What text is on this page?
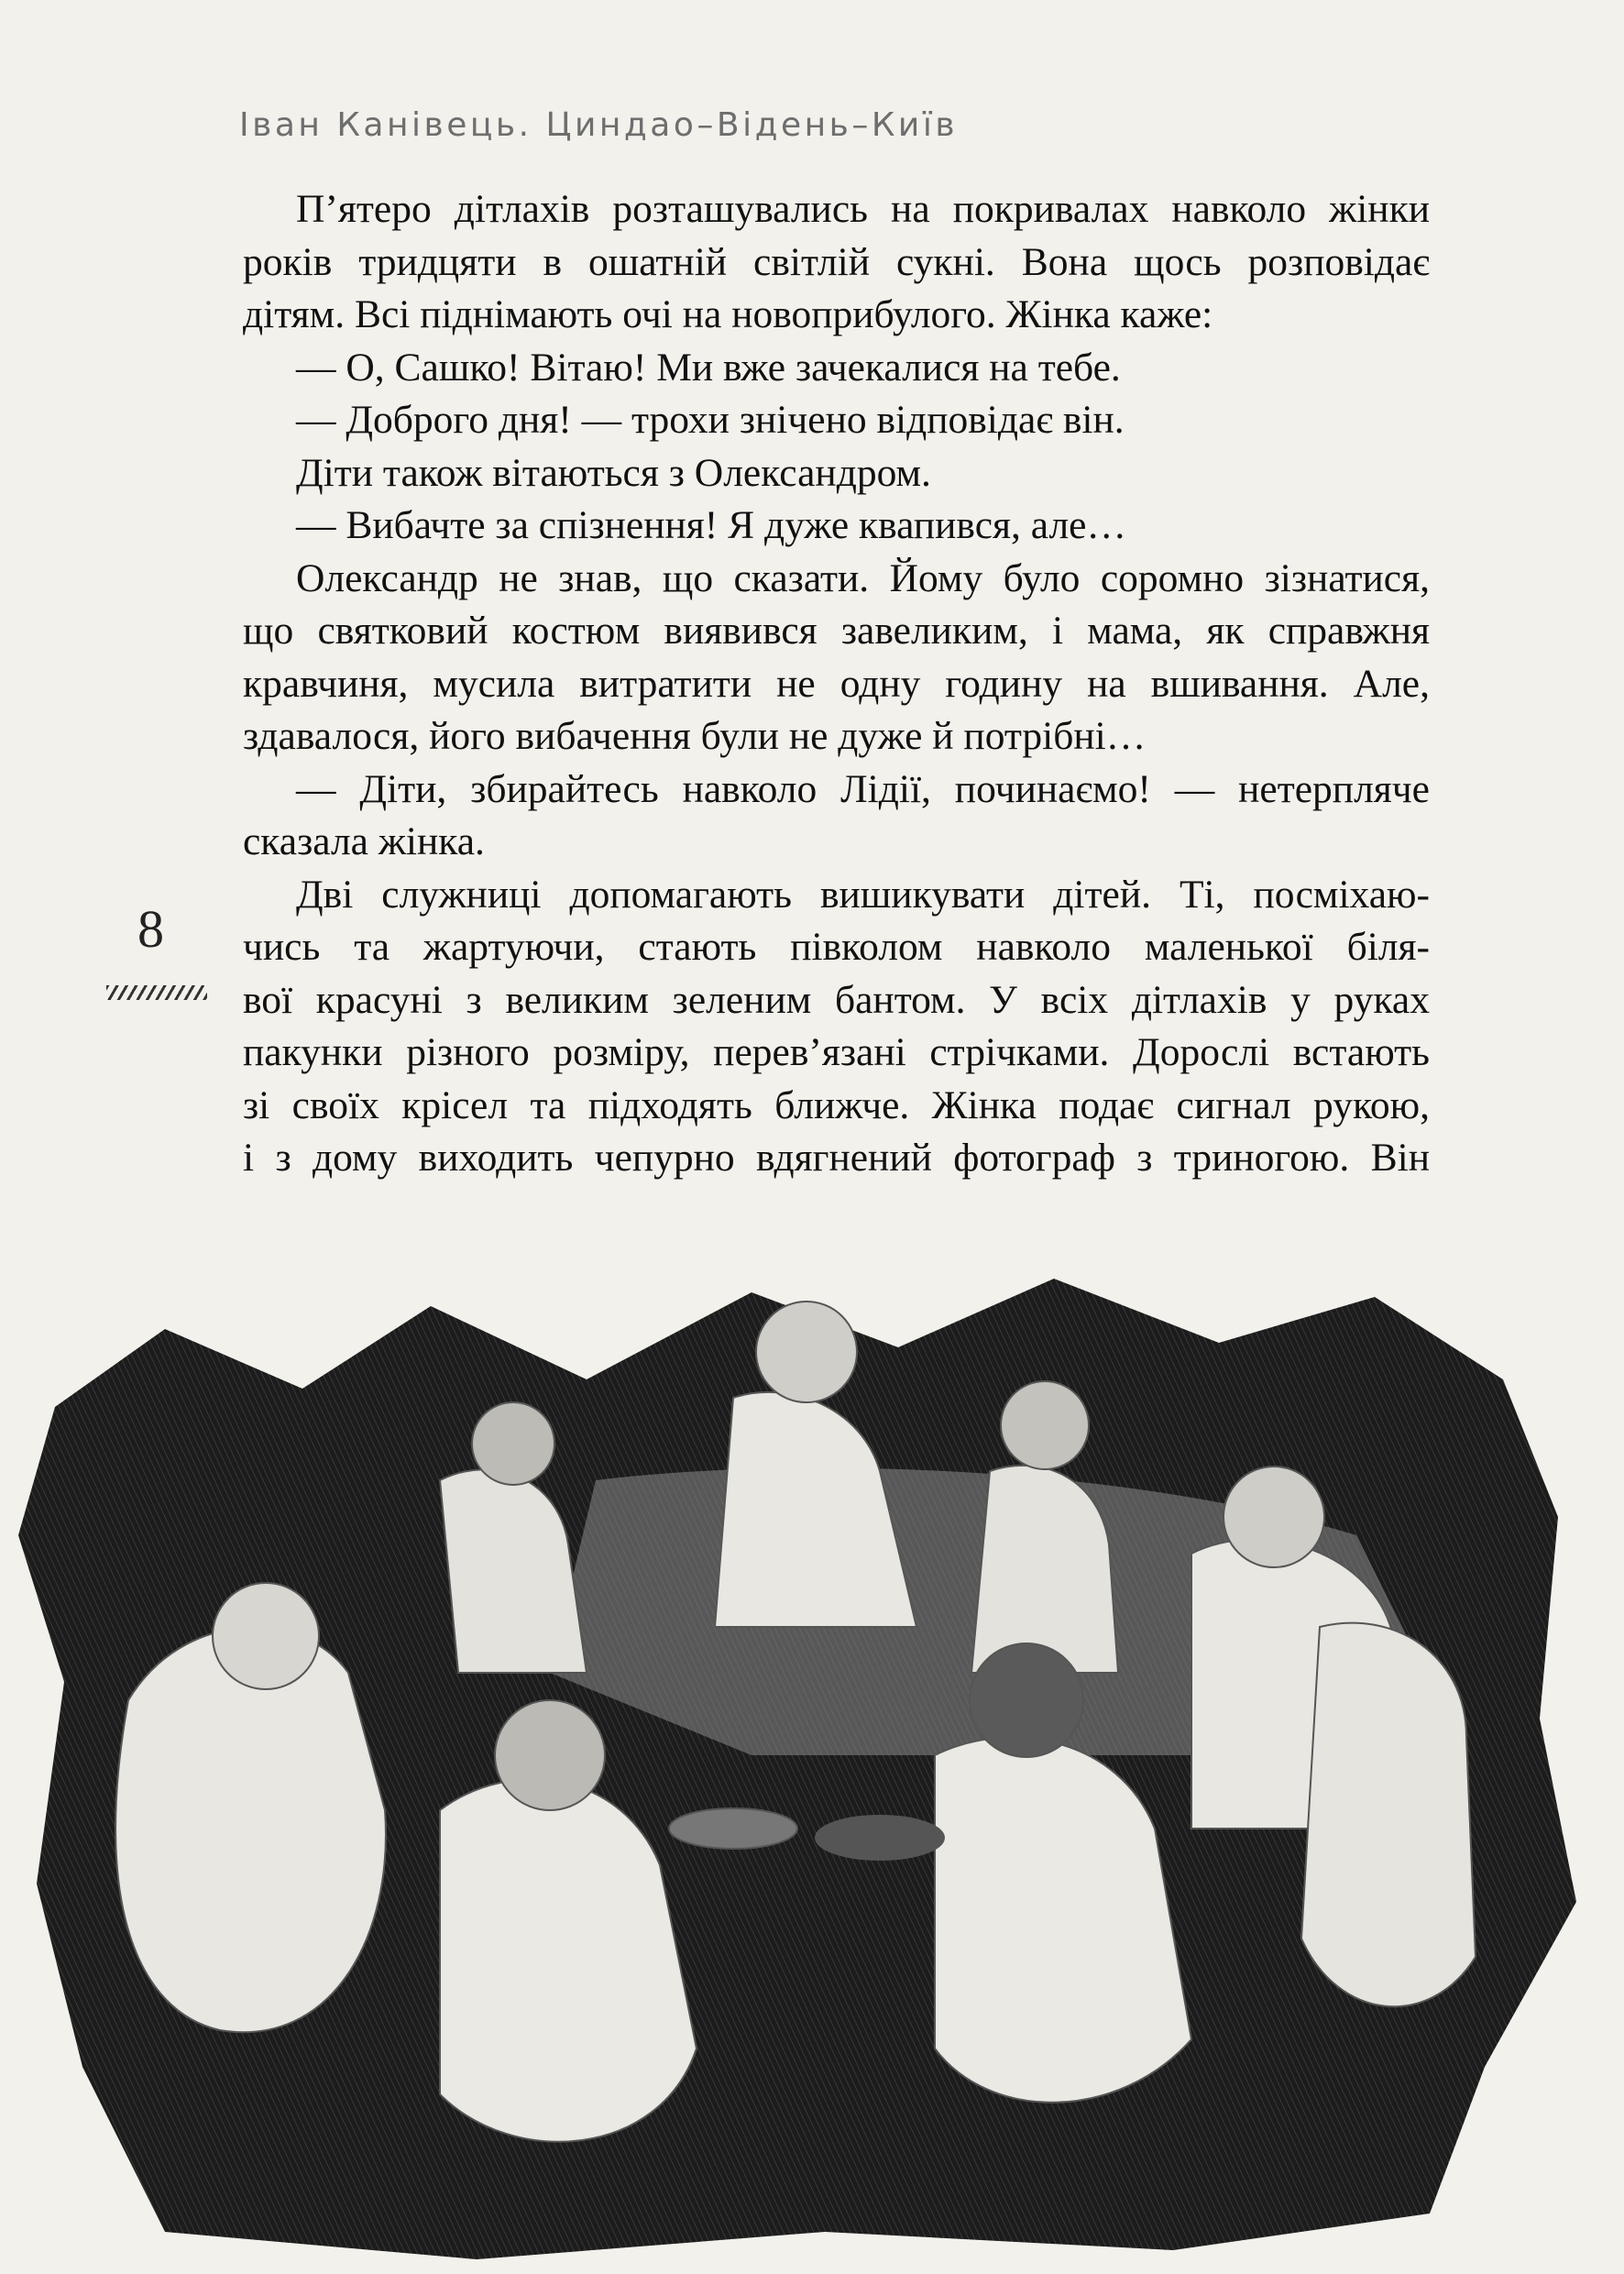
Іван Канівець. Циндао–Відень–Київ
П’ятеро дітлахів розташувались на покривалах навколо жінки
років тридцяти в ошатній світлій сукні. Вона щось розповідає
дітям. Всі піднімають очі на новоприбулого. Жінка каже:
— О, Сашко! Вітаю! Ми вже зачекалися на тебе.
— Доброго дня! — трохи знічено відповідає він.
Діти також вітаються з Олександром.
— Вибачте за спізнення! Я дуже квапився, але…
Олександр не знав, що сказати. Йому було соромно зізнатися,
що святковий костюм виявився завеликим, і мама, як справжня
кравчиня, мусила витратити не одну годину на вшивання. Але,
здавалося, його вибачення були не дуже й потрібні…
— Діти, збирайтесь навколо Лідії, починаємо! — нетерпляче
сказала жінка.
Дві служниці допомагають вишикувати дітей. Ті, посміхаю-
чись та жартуючи, стають півколом навколо маленької біля-
вої красуні з великим зеленим бантом. У всіх дітлахів у руках
пакунки різного розміру, перев’язані стрічками. Дорослі встають
зі своїх крісел та підходять ближче. Жінка подає сигнал рукою,
і з дому виходить чепурно вдягнений фотограф з триногою. Він
8
